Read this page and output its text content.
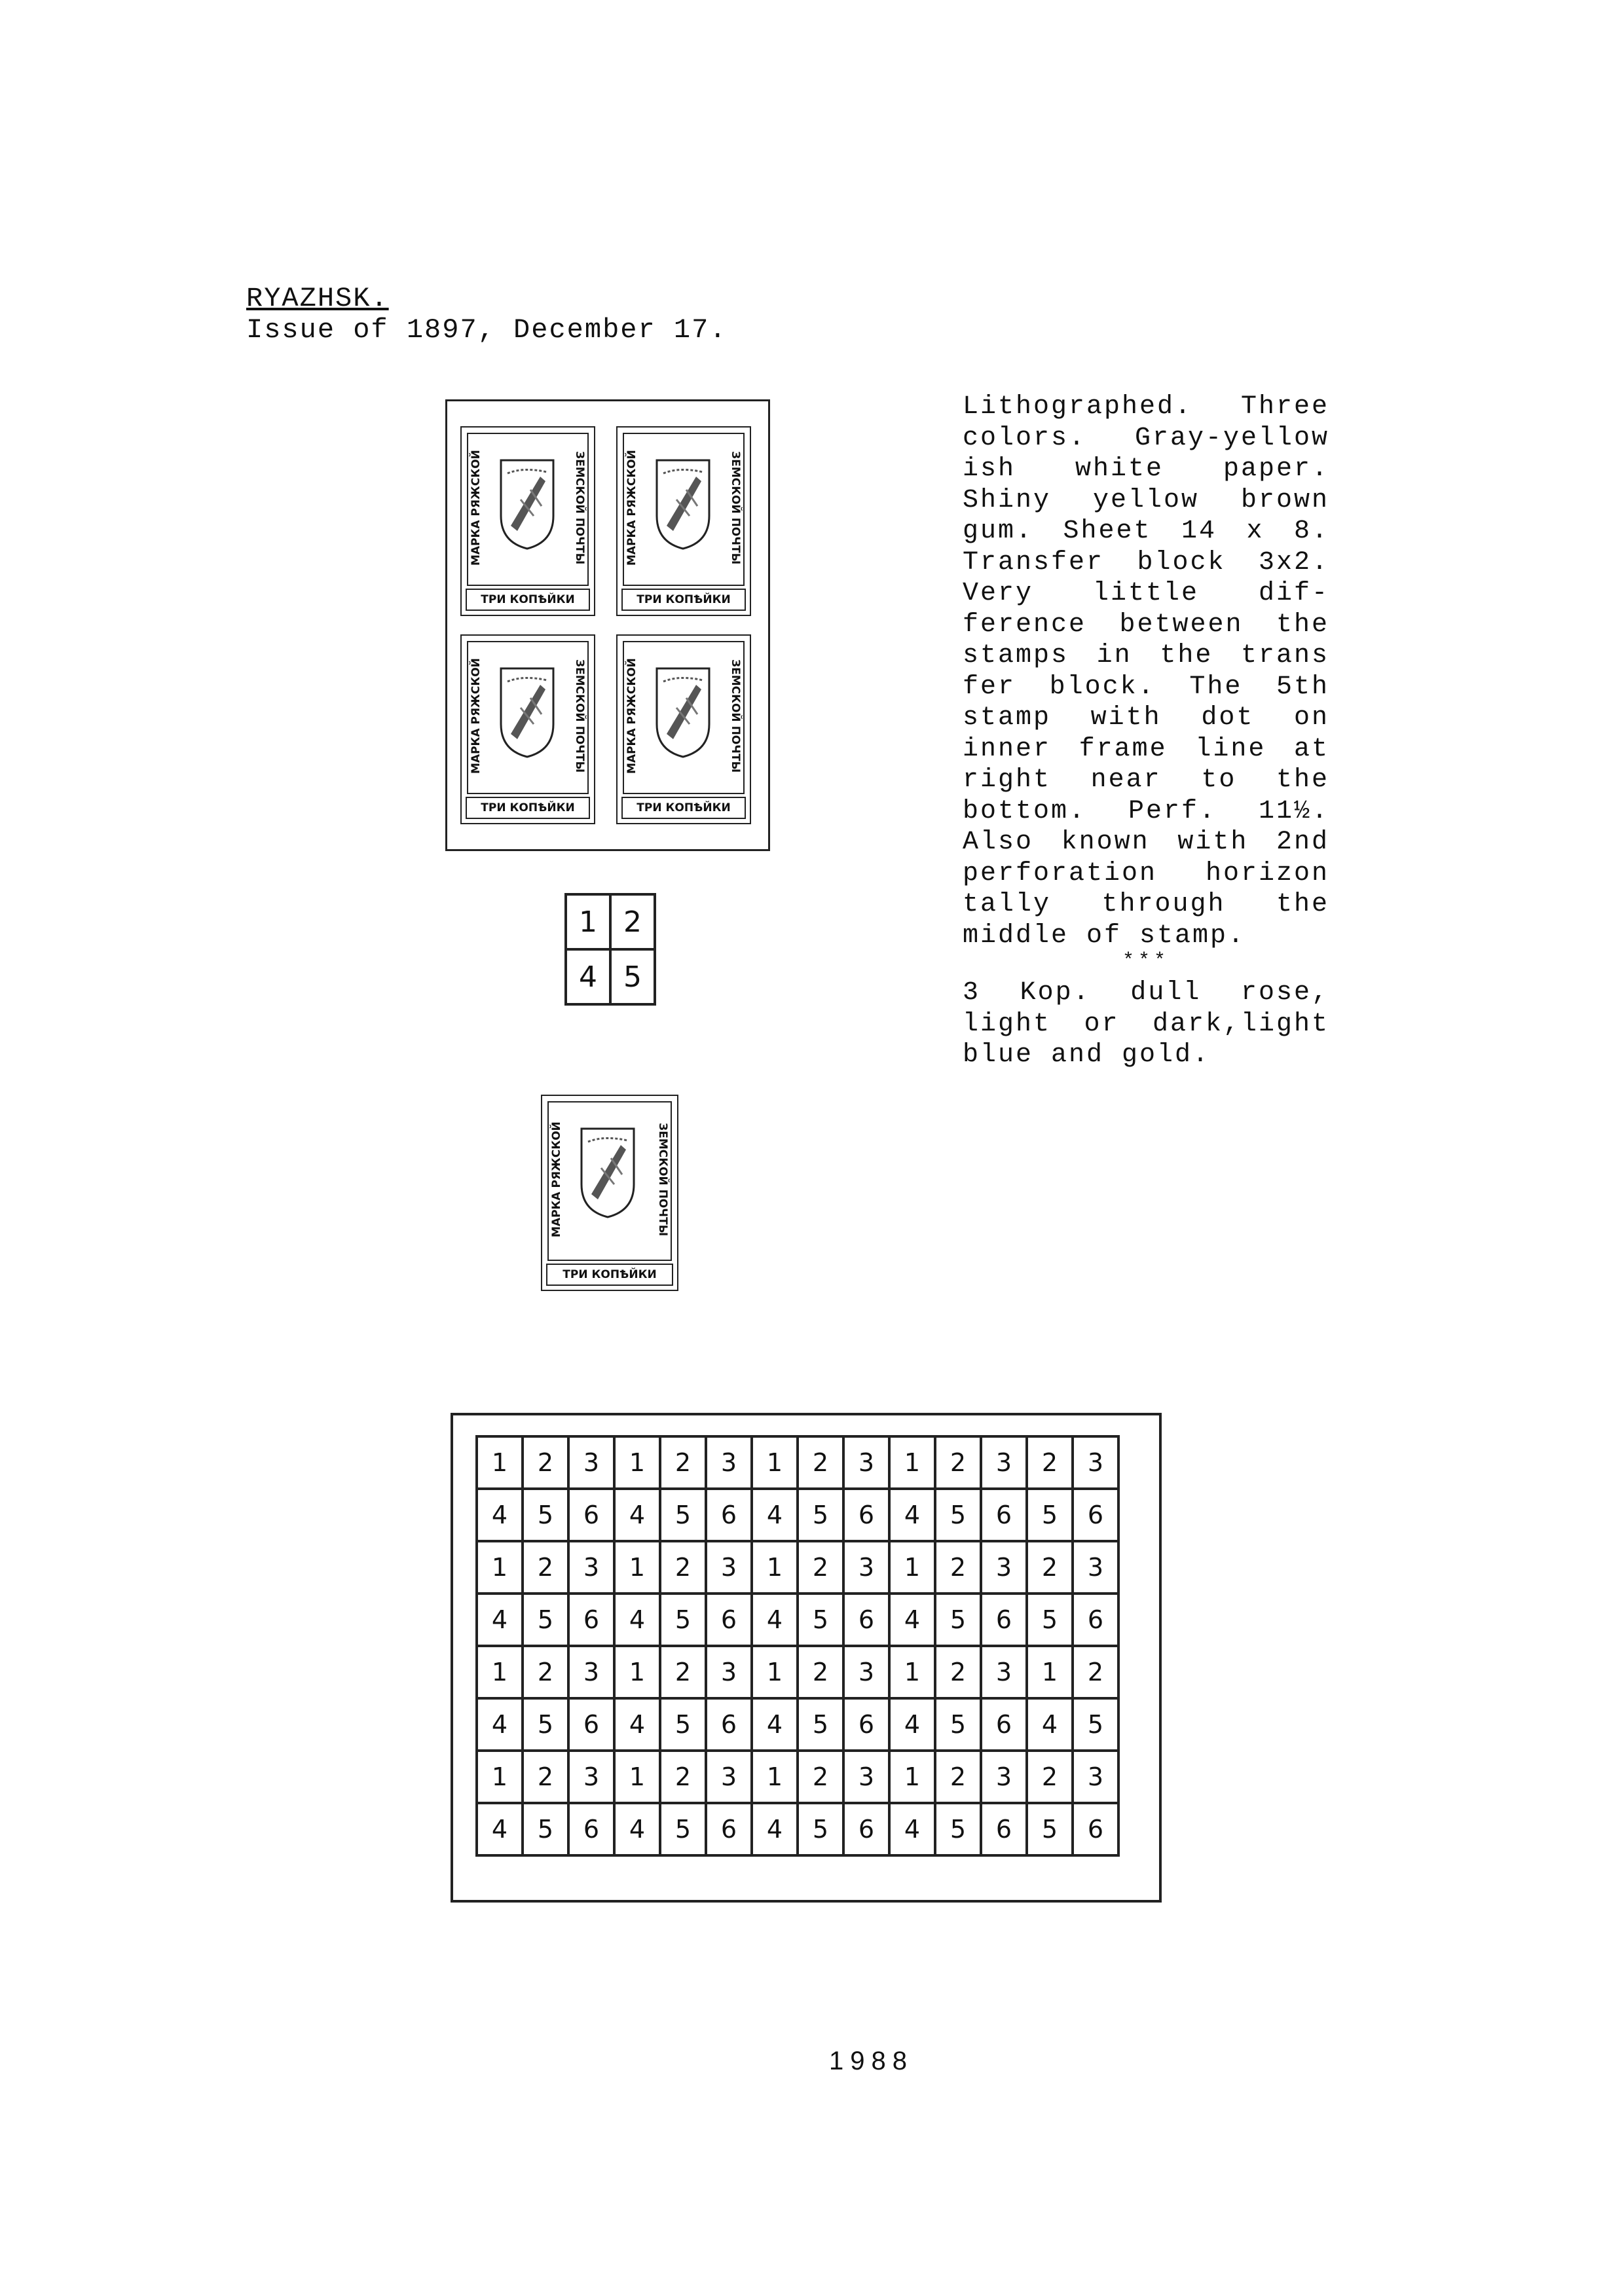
RYAZHSK.
Issue of 1897, December 17.
Lithographed. Three
colors. Gray-yellow
ish white paper.
Shiny yellow brown
gum. Sheet 14 x 8.
Transfer block 3x2.
Very little dif-
ference between the
stamps in the trans
fer block. The 5th
stamp with dot on
inner frame line at
right near to the
bottom. Perf. 11½.
Also known with 2nd
perforation horizon
tally through the
middle of stamp.
***
3 Kop. dull rose,
light or dark,light
blue and gold.
МАРКА РЯЖСКОЙ	ЗЕМСКОЙ ПОЧТЫ
ТРИ КОПѢЙКИ
МАРКА РЯЖСКОЙ	ЗЕМСКОЙ ПОЧТЫ
ТРИ КОПѢЙКИ
МАРКА РЯЖСКОЙ	ЗЕМСКОЙ ПОЧТЫ
ТРИ КОПѢЙКИ
МАРКА РЯЖСКОЙ	ЗЕМСКОЙ ПОЧТЫ
ТРИ КОПѢЙКИ
1	2
4	5
МАРКА РЯЖСКОЙ	ЗЕМСКОЙ ПОЧТЫ
ТРИ КОПѢЙКИ
1	2	3	1	2	3	1	2	3	1	2	3	2	3
4	5	6	4	5	6	4	5	6	4	5	6	5	6
1	2	3	1	2	3	1	2	3	1	2	3	2	3
4	5	6	4	5	6	4	5	6	4	5	6	5	6
1	2	3	1	2	3	1	2	3	1	2	3	1	2
4	5	6	4	5	6	4	5	6	4	5	6	4	5
1	2	3	1	2	3	1	2	3	1	2	3	2	3
4	5	6	4	5	6	4	5	6	4	5	6	5	6
1988
